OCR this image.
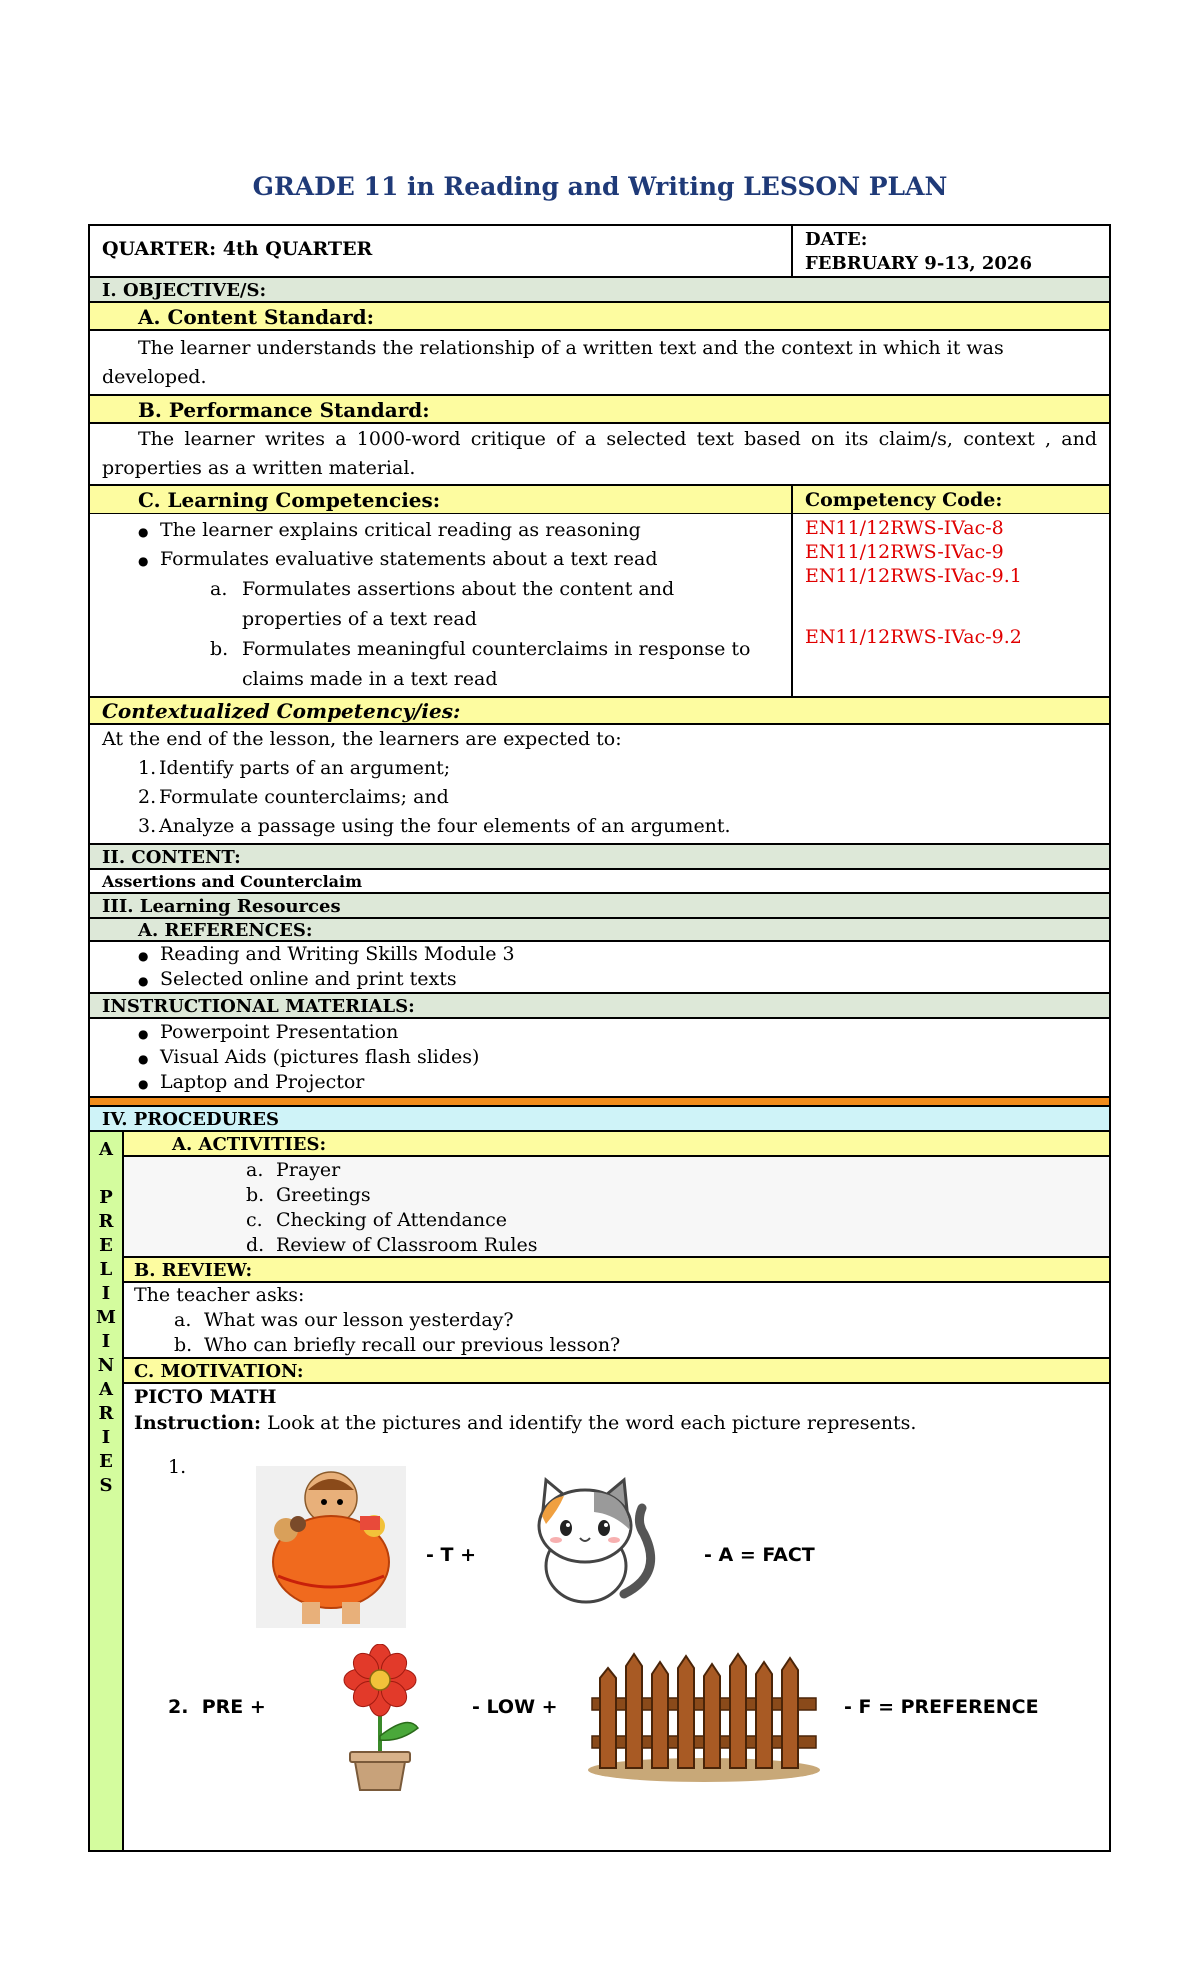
GRADE 11 in Reading and Writing LESSON PLAN
QUARTER: 4th QUARTER	DATE:
FEBRUARY 9-13, 2026
I. OBJECTIVE/S:
A. Content Standard:
The learner understands the relationship of a written text and the context in which it was developed.
B. Performance Standard:
The learner writes a 1000-word critique of a selected text based on its claim/s, context , and properties as a written material.
C. Learning Competencies:
● The learner explains critical reading as reasoning
● Formulates evaluative statements about a text read
a. Formulates assertions about the content and properties of a text read
b. Formulates meaningful counterclaims in response to claims made in a text read
Competency Code:
EN11/12RWS-IVac-8
EN11/12RWS-IVac-9
EN11/12RWS-IVac-9.1
EN11/12RWS-IVac-9.2
Contextualized Competency/ies:
At the end of the lesson, the learners are expected to:
1. Identify parts of an argument;
2. Formulate counterclaims; and
3. Analyze a passage using the four elements of an argument.
II. CONTENT:
Assertions and Counterclaim
III. Learning Resources
A. REFERENCES:
● Reading and Writing Skills Module 3
● Selected online and print texts
INSTRUCTIONAL MATERIALS:
● Powerpoint Presentation
● Visual Aids (pictures flash slides)
● Laptop and Projector
IV. PROCEDURES
A
P
R
E
L
I
M
I
N
A
R
I
E
S
A. ACTIVITIES:
a. Prayer
b. Greetings
c. Checking of Attendance
d. Review of Classroom Rules
B. REVIEW:
The teacher asks:
a. What was our lesson yesterday?
b. Who can briefly recall our previous lesson?
C. MOTIVATION:
PICTO MATH
Instruction: Look at the pictures and identify the word each picture represents.
1.
- T +	- A = FACT
2. PRE +	- LOW +	- F = PREFERENCE
